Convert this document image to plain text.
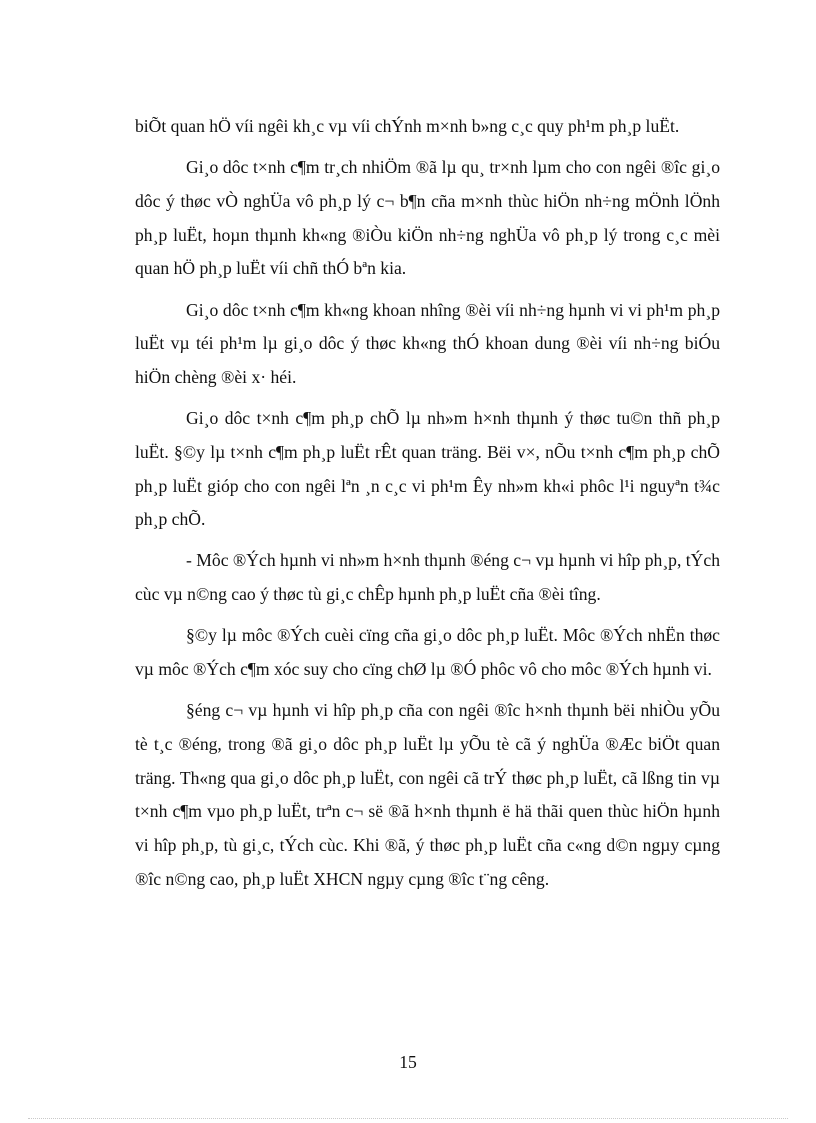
biÕt quan hÖ víi ngêi kh¸c vµ víi chÝnh m×nh b»ng c¸c quy ph¹m ph¸p luËt.

Gi¸o dôc t×nh c¶m tr¸ch nhiÖm ®ã lµ qu¸ tr×nh lµm cho con ngêi ®îc gi¸o dôc ý thøc vÒ nghÜa vô ph¸p lý c¬ b¶n cña m×nh thùc hiÖn nh÷ng mÖnh lÖnh ph¸p luËt, hoµn thµnh kh«ng ®iÒu kiÖn nh÷ng nghÜa vô ph¸p lý trong c¸c mèi quan hÖ ph¸p luËt víi chñ thÓ bªn kia.

Gi¸o dôc t×nh c¶m kh«ng khoan nhîng ®èi víi nh÷ng hµnh vi vi ph¹m ph¸p luËt vµ téi ph¹m lµ gi¸o dôc ý thøc kh«ng thÓ khoan dung ®èi víi nh÷ng biÓu hiÖn chèng ®èi x· héi.

Gi¸o dôc t×nh c¶m ph¸p chÕ lµ nh»m h×nh thµnh ý thøc tu©n thñ ph¸p luËt. §©y lµ t×nh c¶m ph¸p luËt rÊt quan träng. Bëi v×, nÕu t×nh c¶m ph¸p chÕ ph¸p luËt gióp cho con ngêi lªn ¸n c¸c vi ph¹m Êy nh»m kh«i phôc l¹i nguyªn t¾c ph¸p chÕ.

- Môc ®Ých hµnh vi nh»m h×nh thµnh ®éng c¬ vµ hµnh vi hîp ph¸p, tÝch cùc vµ n©ng cao ý thøc tù gi¸c chÊp hµnh ph¸p luËt cña ®èi tîng.

§©y lµ môc ®Ých cuèi cïng cña gi¸o dôc ph¸p luËt. Môc ®Ých nhËn thøc vµ môc ®Ých c¶m xóc suy cho cïng chØ lµ ®Ó phôc vô cho môc ®Ých hµnh vi.

§éng c¬ vµ hµnh vi hîp ph¸p cña con ngêi ®îc h×nh thµnh bëi nhiÒu yÕu tè t¸c ®éng, trong ®ã gi¸o dôc ph¸p luËt lµ yÕu tè cã ý nghÜa ®Æc biÖt quan träng. Th«ng qua gi¸o dôc ph¸p luËt, con ngêi cã trÝ thøc ph¸p luËt, cã lßng tin vµ t×nh c¶m vµo ph¸p luËt, trªn c¬ së ®ã h×nh thµnh ë hä thãi quen thùc hiÖn hµnh vi hîp ph¸p, tù gi¸c, tÝch cùc. Khi ®ã, ý thøc ph¸p luËt cña c«ng d©n ngµy cµng ®îc n©ng cao, ph¸p luËt XHCN ngµy cµng ®îc t¨ng cêng.

15
